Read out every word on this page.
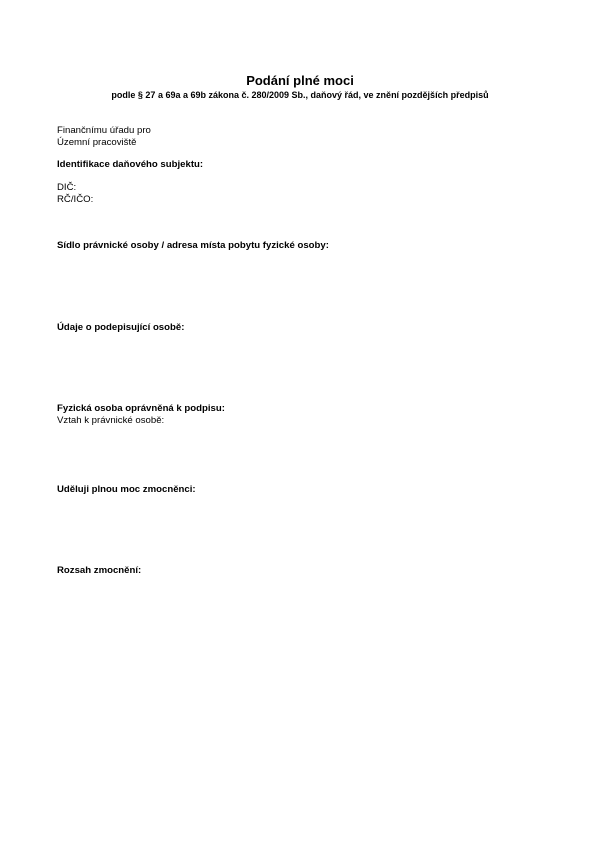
Podání plné moci
podle § 27 a 69a a 69b zákona č. 280/2009 Sb., daňový řád, ve znění pozdějších předpisů
Finančnímu úřadu pro
Územní pracoviště
Identifikace daňového subjektu:
DIČ:
RČ/IČO:
Sídlo právnické osoby / adresa místa pobytu fyzické osoby:
Údaje o podepisující osobě:
Fyzická osoba oprávněná k podpisu:
Vztah k právnické osobě:
Uděluji plnou moc zmocněnci:
Rozsah zmocnění:
